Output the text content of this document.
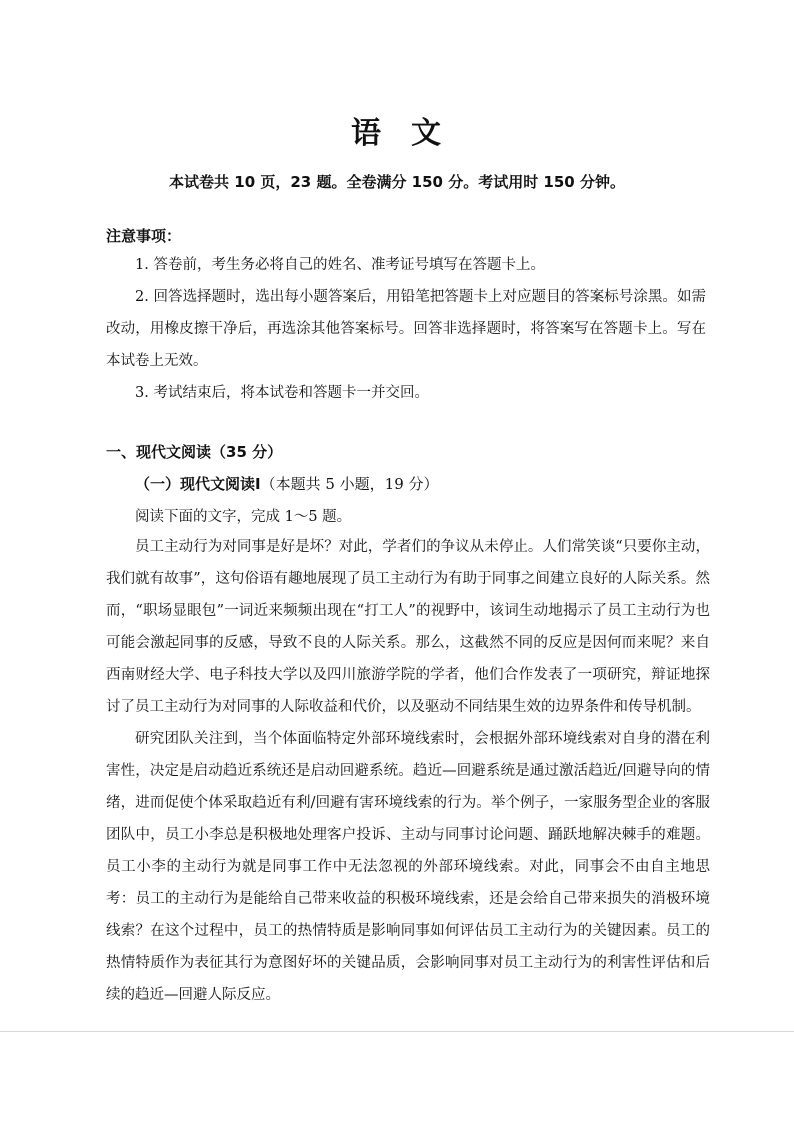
语 文
本试卷共 10 页，23 题。全卷满分 150 分。考试用时 150 分钟。
注意事项：

1. 答卷前，考生务必将自己的姓名、准考证号填写在答题卡上。

2. 回答选择题时，选出每小题答案后，用铅笔把答题卡上对应题目的答案标号涂黑。如需改动，用橡皮擦干净后，再选涂其他答案标号。回答非选择题时，将答案写在答题卡上。写在本试卷上无效。

3. 考试结束后，将本试卷和答题卡一并交回。

一、现代文阅读（35 分）
（一）现代文阅读Ⅰ（本题共 5 小题，19 分）
阅读下面的文字，完成 1～5 题。

员工主动行为对同事是好是坏？对此，学者们的争议从未停止。人们常笑谈“只要你主动，我们就有故事”，这句俗语有趣地展现了员工主动行为有助于同事之间建立良好的人际关系。然而，“职场显眼包”一词近来频频出现在“打工人”的视野中，该词生动地揭示了员工主动行为也可能会激起同事的反感，导致不良的人际关系。那么，这截然不同的反应是因何而来呢？来自西南财经大学、电子科技大学以及四川旅游学院的学者，他们合作发表了一项研究，辩证地探讨了员工主动行为对同事的人际收益和代价，以及驱动不同结果生效的边界条件和传导机制。

研究团队关注到，当个体面临特定外部环境线索时，会根据外部环境线索对自身的潜在利害性，决定是启动趋近系统还是启动回避系统。趋近—回避系统是通过激活趋近/回避导向的情绪，进而促使个体采取趋近有利/回避有害环境线索的行为。举个例子，一家服务型企业的客服团队中，员工小李总是积极地处理客户投诉、主动与同事讨论问题、踊跃地解决棘手的难题。员工小李的主动行为就是同事工作中无法忽视的外部环境线索。对此，同事会不由自主地思考：员工的主动行为是能给自己带来收益的积极环境线索，还是会给自己带来损失的消极环境线索？在这个过程中，员工的热情特质是影响同事如何评估员工主动行为的关键因素。员工的热情特质作为表征其行为意图好坏的关键品质，会影响同事对员工主动行为的利害性评估和后续的趋近—回避人际反应。
